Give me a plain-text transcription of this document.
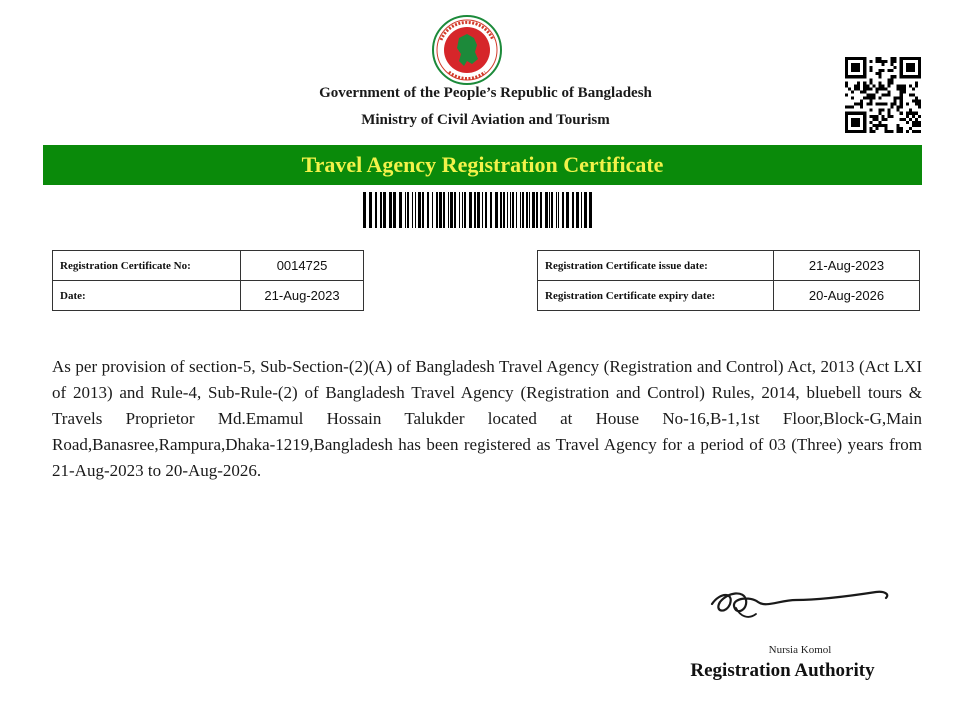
Government of the People’s Republic of Bangladesh
Ministry of Civil Aviation and Tourism
Travel Agency Registration Certificate
Registration Certificate No:	0014725
Date:	21-Aug-2023
Registration Certificate issue date:	21-Aug-2023
Registration Certificate expiry date:	20-Aug-2026
As per provision of section-5, Sub-Section-(2)(A) of Bangladesh Travel Agency (Registration and Control) Act, 2013 (Act LXI of 2013) and Rule-4, Sub-Rule-(2) of Bangladesh Travel Agency (Registration and Control) Rules, 2014, bluebell tours & Travels Proprietor Md.Emamul Hossain Talukder located at House No-16,B-1,1st Floor,Block-G,Main Road,Banasree,Rampura,Dhaka-1219,Bangladesh has been registered as Travel Agency for a period of 03 (Three) years from 21-Aug-2023 to 20-Aug-2026.
Nursia Komol
Registration Authority
